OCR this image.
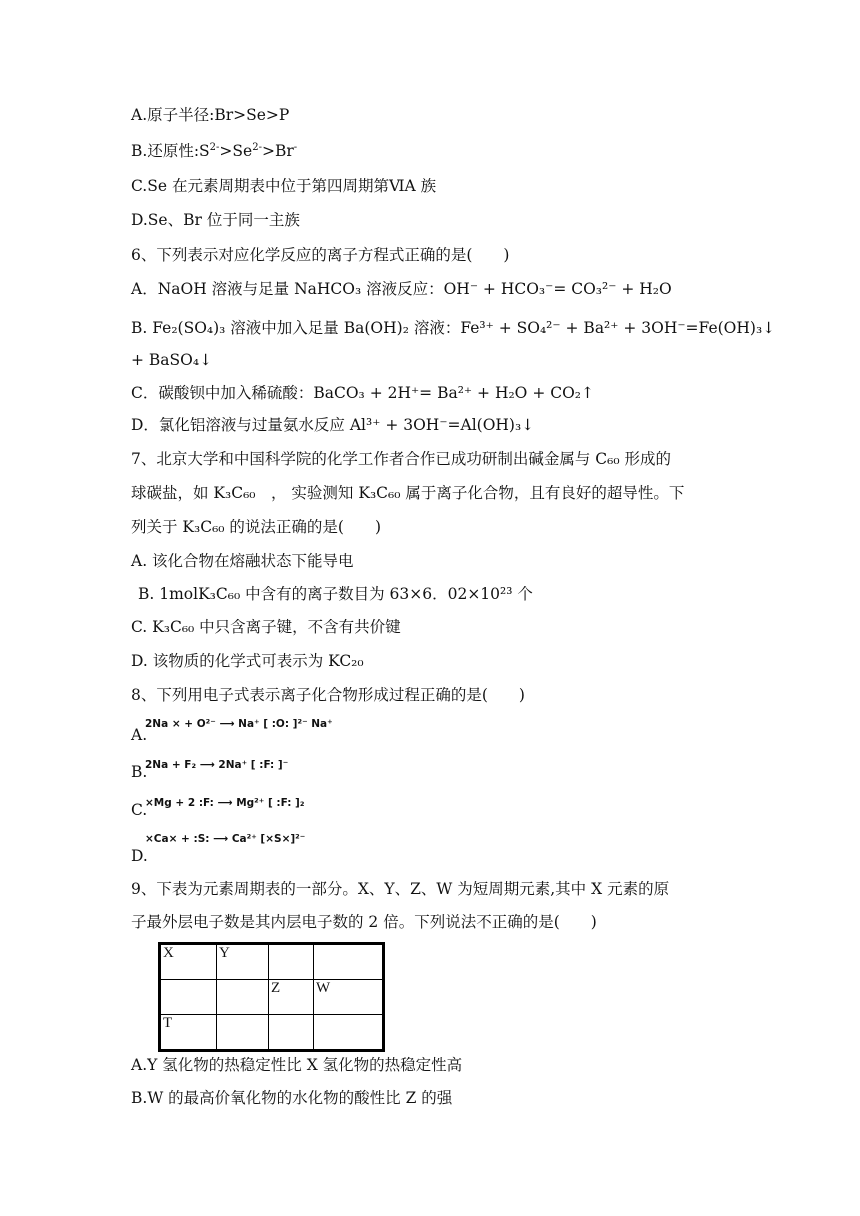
A.原子半径:Br>Se>P
B.还原性$:S^{2-}>Se^{2-}>Br^-$
C.Se 在元素周期表中位于第四周期第ⅥA 族
D.Se、Br 位于同一主族
6、下列表示对应化学反应的离子方程式正确的是(　　)
A．NaOH 溶液与足量 NaHCO₃ 溶液反应：OH⁻ + HCO₃⁻= CO₃²⁻ + H₂O
B. Fe₂(SO₄)₃ 溶液中加入足量 Ba(OH)₂ 溶液：Fe³⁺ + SO₄²⁻ + Ba²⁺ + 3OH⁻=Fe(OH)₃↓
+ BaSO₄↓
C．碳酸钡中加入稀硫酸：BaCO₃ + 2H⁺= Ba²⁺ + H₂O + CO₂↑
D．氯化铝溶液与过量氨水反应 Al³⁺ + 3OH⁻=Al(OH)₃↓
7、北京大学和中国科学院的化学工作者合作已成功研制出碱金属与 C₆₀ 形成的
球碳盐，如 K₃C₆₀　， 实验测知 K₃C₆₀ 属于离子化合物，且有良好的超导性。下
列关于 K₃C₆₀ 的说法正确的是(　　)
A. 该化合物在熔融状态下能导电
B. 1molK₃C₆₀ 中含有的离子数目为 63×6．02×10²³ 个
C. K₃C₆₀ 中只含离子键，不含有共价键
D. 该物质的化学式可表示为 KC₂₀
8、下列用电子式表示离子化合物形成过程正确的是(　　)
A.
2Na × + O²⁻ ⟶ Na⁺ [ :O: ]²⁻ Na⁺
B.
2Na + F₂ ⟶ 2Na⁺ [ :F: ]⁻
C.
×Mg + 2 :F: ⟶ Mg²⁺ [ :F: ]₂
D.
×Ca× + :S: ⟶ Ca²⁺ [×S×]²⁻
9、下表为元素周期表的一部分。X、Y、Z、W 为短周期元素,其中 X 元素的原
子最外层电子数是其内层电子数的 2 倍。下列说法不正确的是(　　)
X	Y		
		Z	W
T			
A.Y 氢化物的热稳定性比 X 氢化物的热稳定性高
B.W 的最高价氧化物的水化物的酸性比 Z 的强
